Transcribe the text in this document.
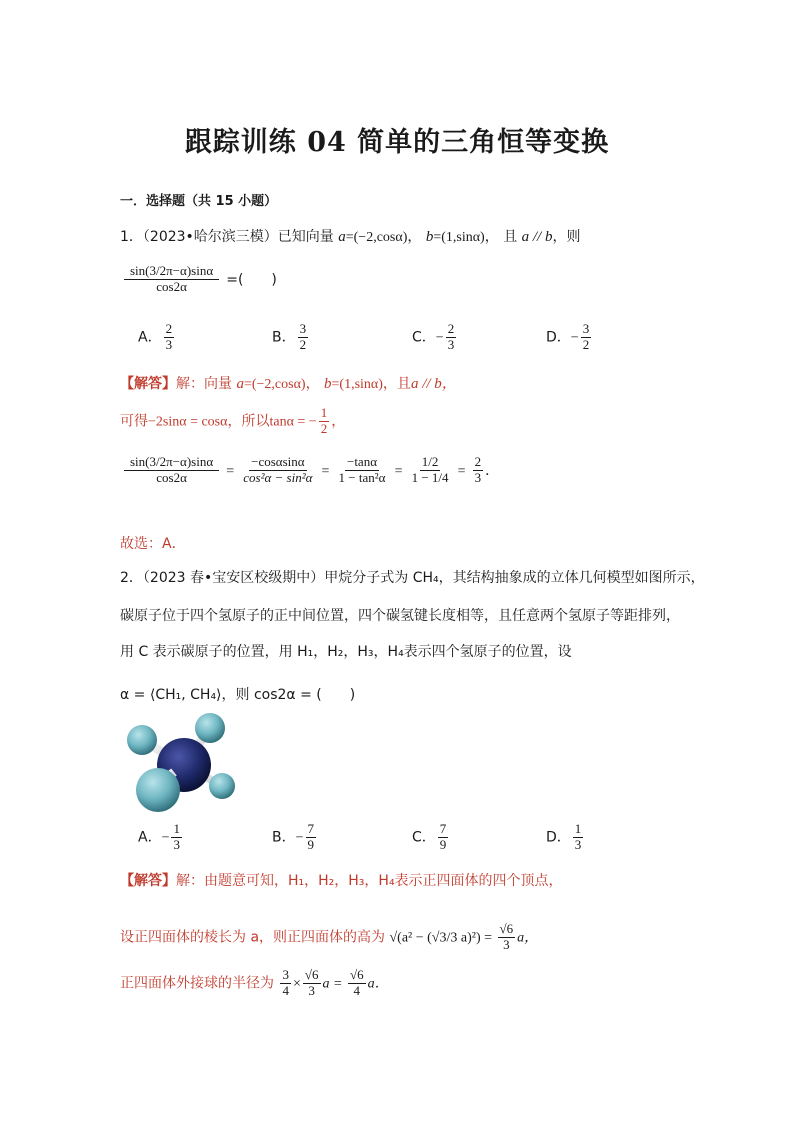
跟踪训练 04 简单的三角恒等变换
一．选择题（共 15 小题）
1．（2023•哈尔滨三模）已知向量 a=(−2,cosα)， b=(1,sinα)， 且 a // b，则
$\frac{\sin(3/2\pi-\alpha)\sin\alpha}{\cos 2\alpha}$ =(　　)
A． $\frac{2}{3}$	B． $\frac{3}{2}$	C．− $\frac{2}{3}$	D．− $\frac{3}{2}$
【解答】解：向量 a=(−2,cosα)， b=(1,sinα)，且a // b，
可得−2sinα = cosα，所以tanα = − $\frac{1}{2}$ ，
$\frac{\sin(3/2\pi-\alpha)\sin\alpha}{\cos 2\alpha} = \frac{-\cos\alpha\sin\alpha}{\text{cos²α − sin²α}} = \frac{-\tan\alpha}{\text{1 − tan²α}} = \frac{1/2}{1 - 1/4} = \frac{2}{3}$ ．
故选：A．
2．（2023 春•宝安区校级期中）甲烷分子式为 CH₄，其结构抽象成的立体几何模型如图所示，
碳原子位于四个氢原子的正中间位置，四个碳氢键长度相等，且任意两个氢原子等距排列，
用 C 表示碳原子的位置，用 H₁，H₂，H₃，H₄表示四个氢原子的位置，设
α = ⟨CH₁, CH₄⟩，则 cos2α = (　　)
A．− $\frac{1}{3}$	B．− $\frac{7}{9}$	C． $\frac{7}{9}$	D． $\frac{1}{3}$
【解答】解：由题意可知，H₁，H₂，H₃，H₄表示正四面体的四个顶点，
设正四面体的棱长为 a，则正四面体的高为 √(a² − (√3/3 $a)^2) = \frac{√6}{3}$ a，
正四面体外接球的半径为 $\frac{3}{4} \times \frac{√6}{3}$ $a = \frac{√6}{4}$ a．
